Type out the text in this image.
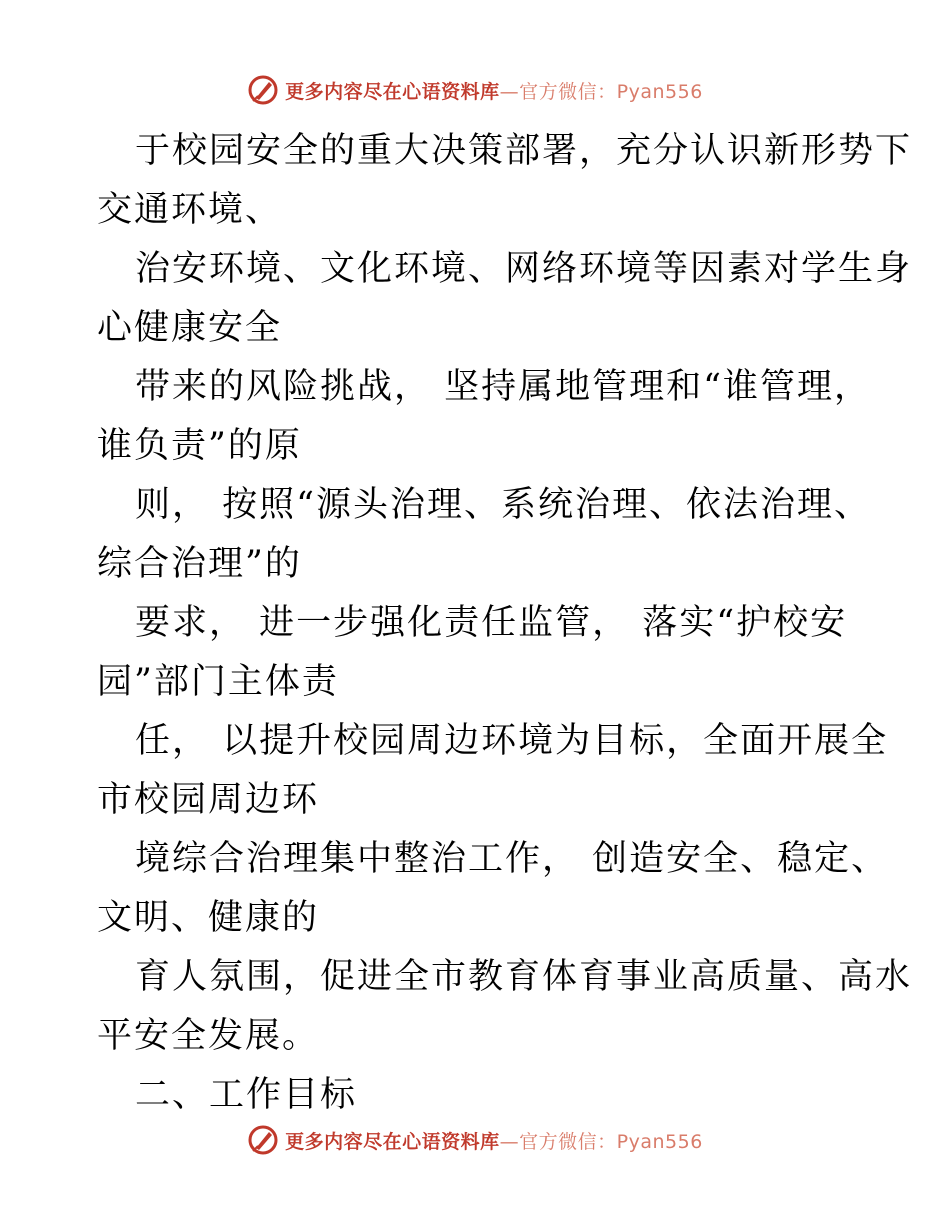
更多内容尽在心语资料库—官方微信：Pyan556
于校园安全的重大决策部署，充分认识新形势下
交通环境、
治安环境、文化环境、网络环境等因素对学生身
心健康安全
带来的风险挑战， 坚持属地管理和“谁管理，
谁负责”的原
则， 按照“源头治理、系统治理、依法治理、
综合治理”的
要求， 进一步强化责任监管， 落实“护校安
园”部门主体责
任， 以提升校园周边环境为目标，全面开展全
市校园周边环
境综合治理集中整治工作， 创造安全、稳定、
文明、健康的
育人氛围，促进全市教育体育事业高质量、高水
平安全发展。
二、工作目标
更多内容尽在心语资料库—官方微信：Pyan556
